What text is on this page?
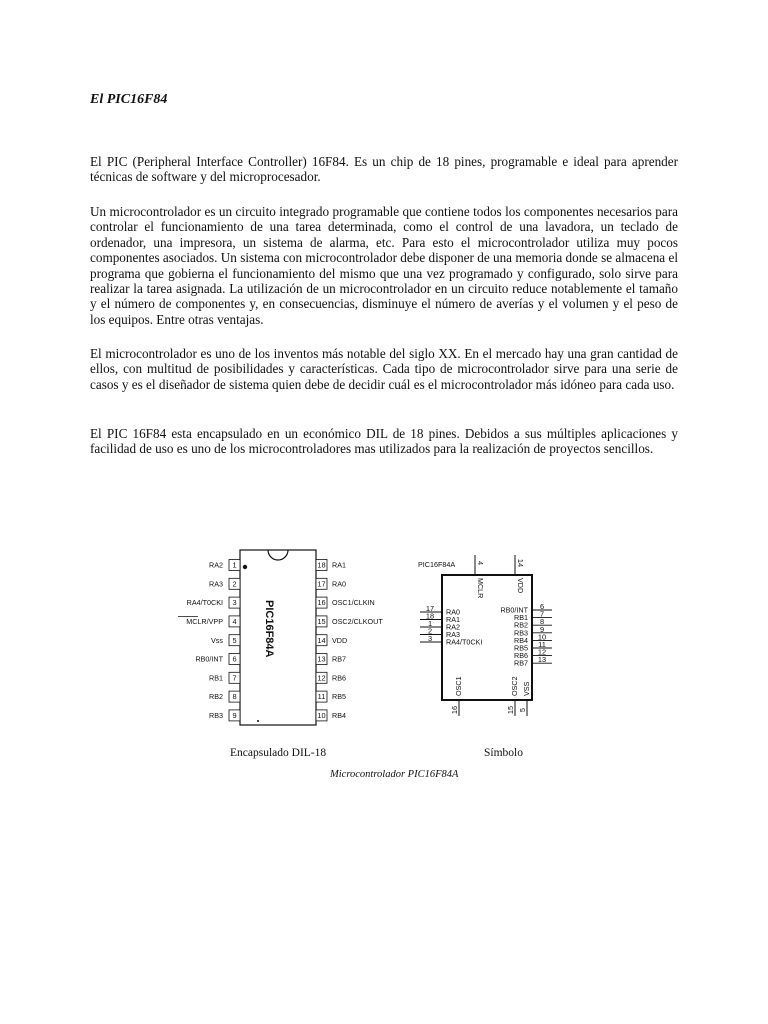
El PIC16F84

El PIC (Peripheral Interface Controller) 16F84. Es un chip de 18 pines, programable e ideal para aprender técnicas de software y del microprocesador.

Un microcontrolador es un circuito integrado programable que contiene todos los componentes necesarios para controlar el funcionamiento de una tarea determinada, como el control de una lavadora, un teclado de ordenador, una impresora, un sistema de alarma, etc. Para esto el microcontrolador utiliza muy pocos componentes asociados. Un sistema con microcontrolador debe disponer de una memoria donde se almacena el programa que gobierna el funcionamiento del mismo que una vez programado y configurado, solo sirve para realizar la tarea asignada. La utilización de un microcontrolador en un circuito reduce notablemente el tamaño y el número de componentes y, en consecuencias, disminuye el número de averías y el volumen y el peso de los equipos. Entre otras ventajas.

El microcontrolador es uno de los inventos más notable del siglo XX. En el mercado hay una gran cantidad de ellos, con multitud de posibilidades y características. Cada tipo de microcontrolador sirve para una serie de casos y es el diseñador de sistema quien debe de decidir cuál es el microcontrolador más idóneo para cada uso.

El PIC 16F84 esta encapsulado en un económico DIL de 18 pines. Debidos a sus múltiples aplicaciones y facilidad de uso es uno de los microcontroladores mas utilizados para la realización de proyectos sencillos.

PIC16F84A
Encapsulado DIL-18
1
RA2
2
RA3
3
RA4/T0CKI
4
MCLR/VPP
5
Vss
6
RB0/INT
7
RB1
8
RB2
9
RB3
18 RA1
17 RA0
16 OSC1/CLKIN
15 OSC2/CLKOUT
14 VDD
13 RB7
12 RB6
11 RB5
10 RB4
PIC16F84A
Símbolo
4
MCLR
14
VDD
17 RA0
18 RA1
1 RA2
2 RA3
3 RA4/T0CKI
6
RB0/INT 7
RB1 8
RB2 9
RB3 10
RB4 11
RB5 12
RB6 13
RB7
16
OSC1
15
OSC2
5
VSS
Microcontrolador PIC16F84A
